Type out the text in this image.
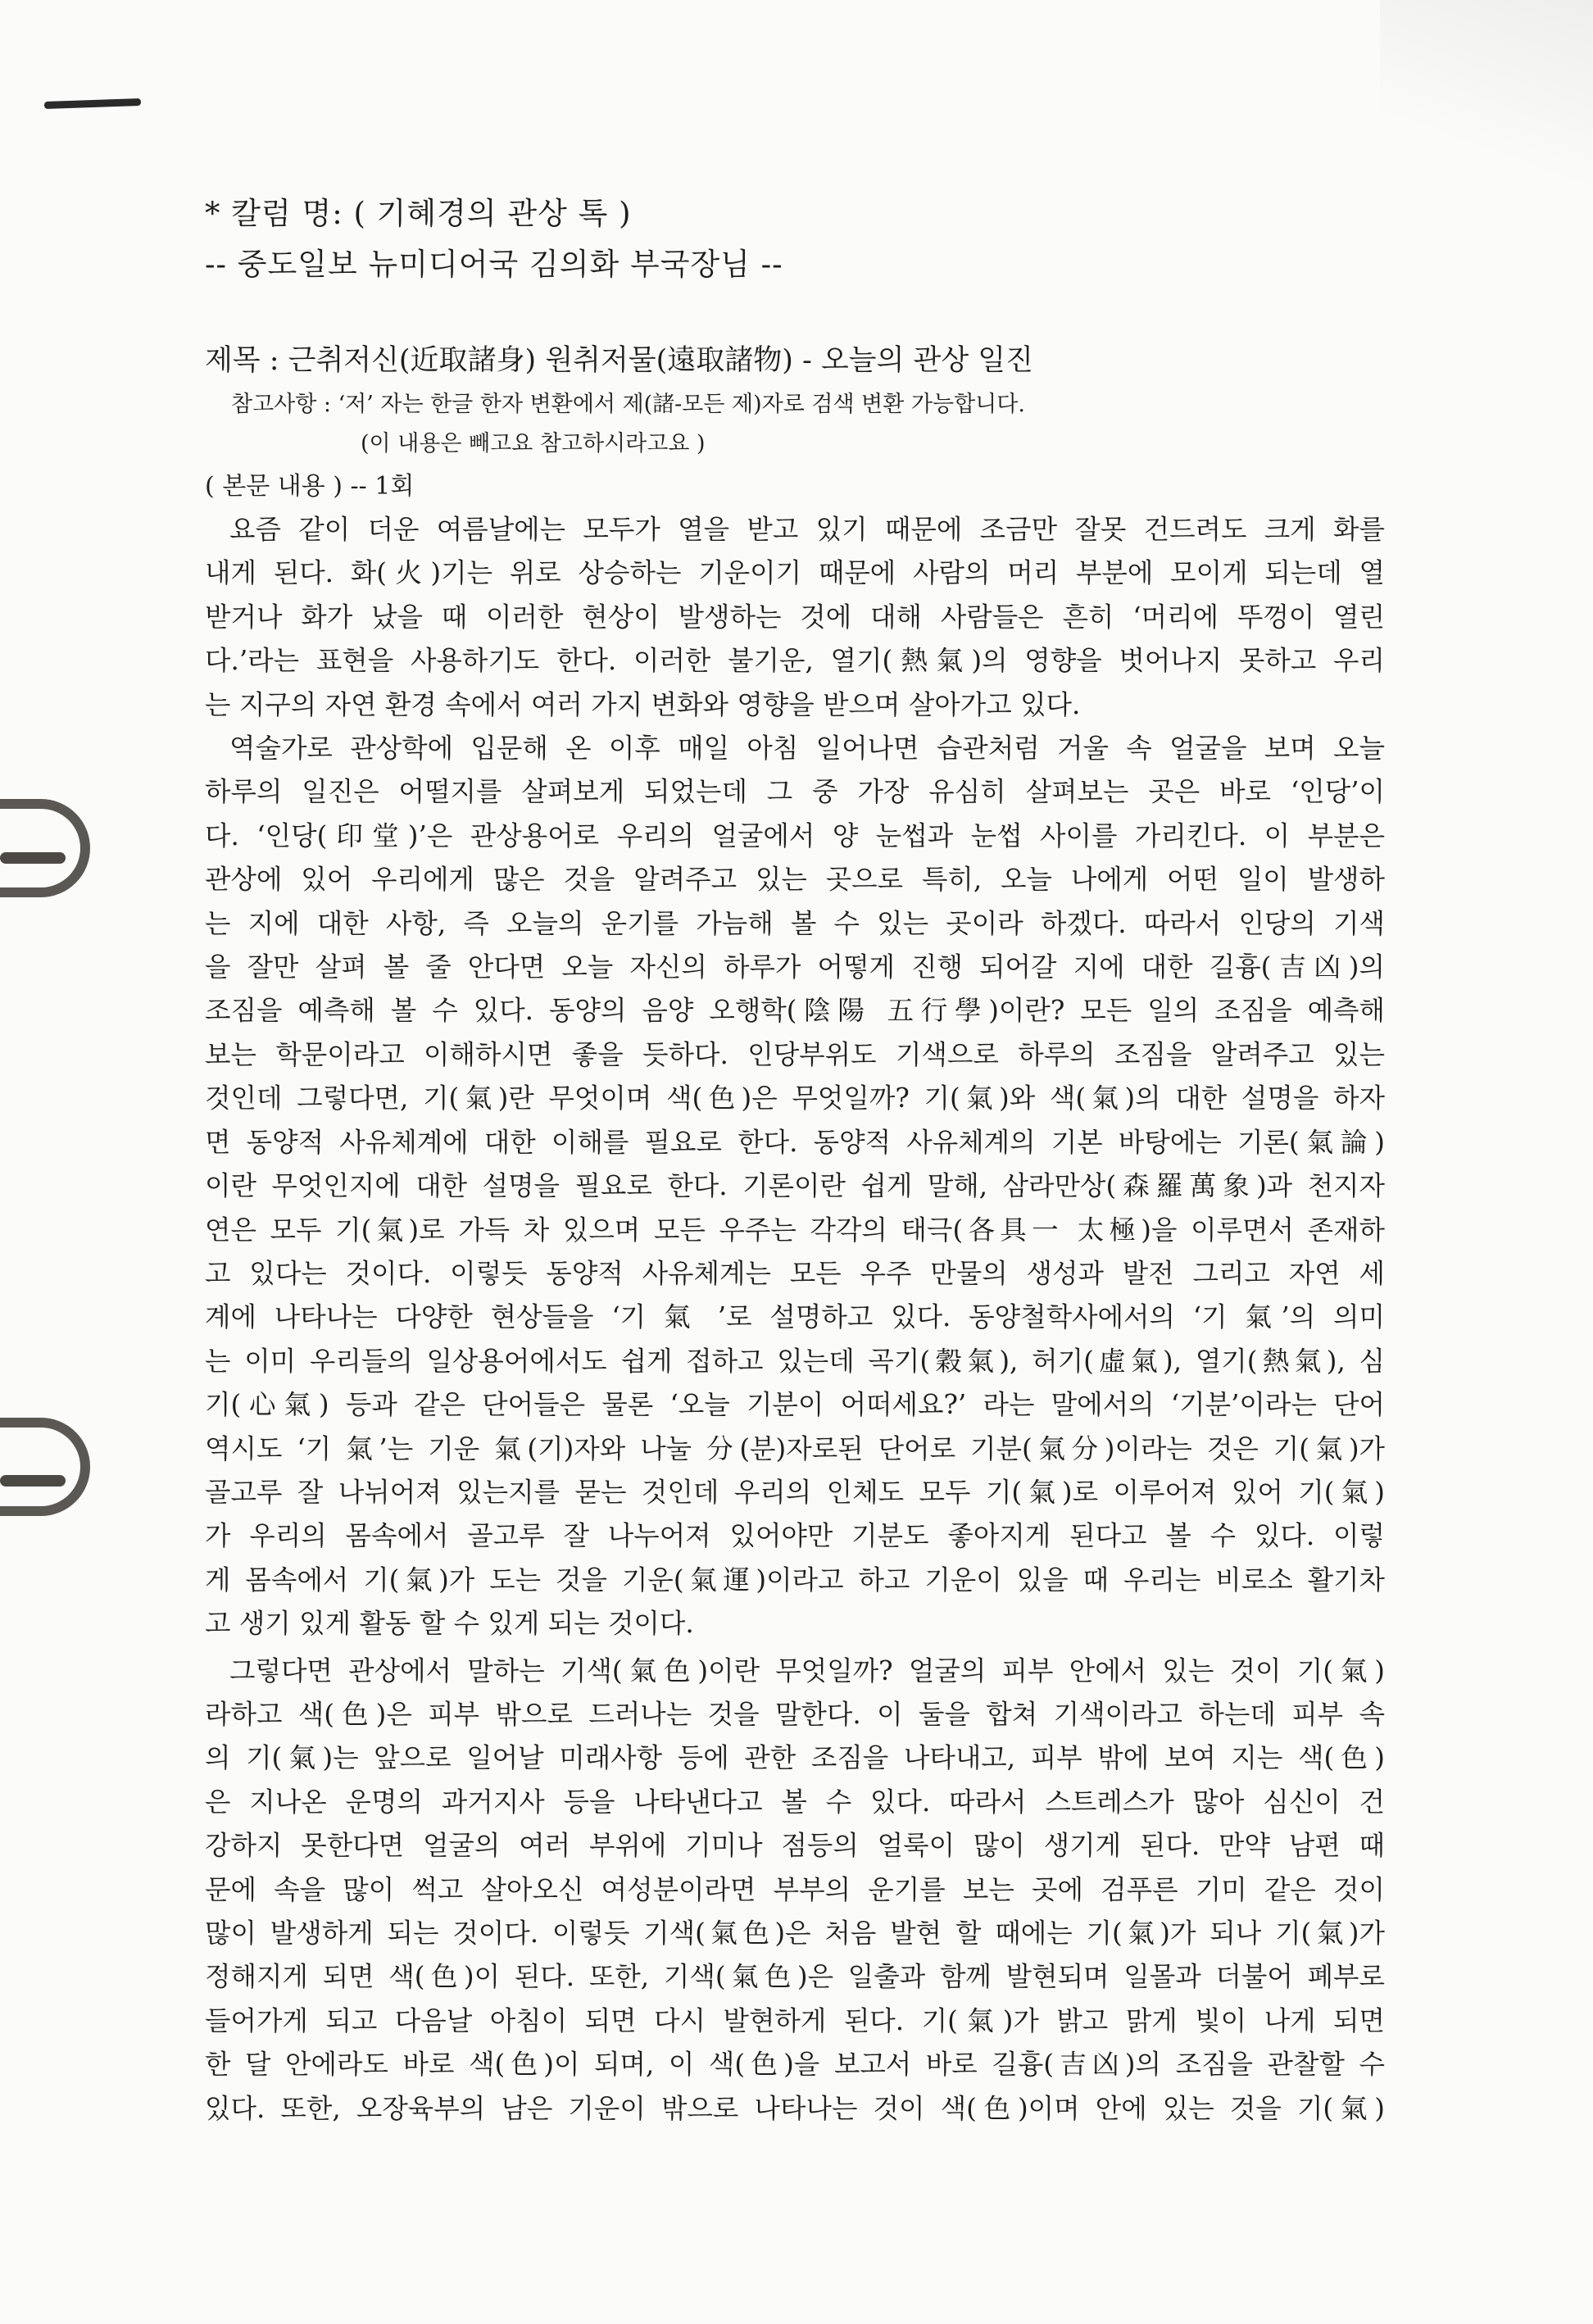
* 칼럼 명: ( 기혜경의 관상 톡 )

-- 중도일보 뉴미디어국 김의화 부국장님 --

제목 : 근취저신(近取諸身) 원취저물(遠取諸物) - 오늘의 관상 일진

참고사항 : ‘저’ 자는 한글 한자 변환에서 제(諸-모든 제)자로 검색 변환 가능합니다.

(이 내용은 빼고요 참고하시라고요 )

( 본문 내용 ) -- 1회

요즘 같이 더운 여름날에는 모두가 열을 받고 있기 때문에 조금만 잘못 건드려도 크게 화를
내게 된다. 화(火)기는 위로 상승하는 기운이기 때문에 사람의 머리 부분에 모이게 되는데 열
받거나 화가 났을 때 이러한 현상이 발생하는 것에 대해 사람들은 흔히 ‘머리에 뚜껑이 열린
다.’라는 표현을 사용하기도 한다. 이러한 불기운, 열기(熱氣)의 영향을 벗어나지 못하고 우리
는 지구의 자연 환경 속에서 여러 가지 변화와 영향을 받으며 살아가고 있다.
역술가로 관상학에 입문해 온 이후 매일 아침 일어나면 습관처럼 거울 속 얼굴을 보며 오늘
하루의 일진은 어떨지를 살펴보게 되었는데 그 중 가장 유심히 살펴보는 곳은 바로 ‘인당’이
다. ‘인당(印堂)’은 관상용어로 우리의 얼굴에서 양 눈썹과 눈썹 사이를 가리킨다. 이 부분은
관상에 있어 우리에게 많은 것을 알려주고 있는 곳으로 특히, 오늘 나에게 어떤 일이 발생하
는 지에 대한 사항, 즉 오늘의 운기를 가늠해 볼 수 있는 곳이라 하겠다. 따라서 인당의 기색
을 잘만 살펴 볼 줄 안다면 오늘 자신의 하루가 어떻게 진행 되어갈 지에 대한 길흉(吉凶)의
조짐을 예측해 볼 수 있다. 동양의 음양 오행학(陰陽 五行學)이란? 모든 일의 조짐을 예측해
보는 학문이라고 이해하시면 좋을 듯하다. 인당부위도 기색으로 하루의 조짐을 알려주고 있는
것인데 그렇다면, 기(氣)란 무엇이며 색(色)은 무엇일까? 기(氣)와 색(氣)의 대한 설명을 하자
면 동양적 사유체계에 대한 이해를 필요로 한다. 동양적 사유체계의 기본 바탕에는 기론(氣論)
이란 무엇인지에 대한 설명을 필요로 한다. 기론이란 쉽게 말해, 삼라만상(森羅萬象)과 천지자
연은 모두 기(氣)로 가득 차 있으며 모든 우주는 각각의 태극(各具一 太極)을 이루면서 존재하
고 있다는 것이다. 이렇듯 동양적 사유체계는 모든 우주 만물의 생성과 발전 그리고 자연 세
계에 나타나는 다양한 현상들을 ‘기 氣 ’로 설명하고 있다. 동양철학사에서의 ‘기 氣’의 의미
는 이미 우리들의 일상용어에서도 쉽게 접하고 있는데 곡기(穀氣), 허기(虛氣), 열기(熱氣), 심
기(心氣) 등과 같은 단어들은 물론 ‘오늘 기분이 어떠세요?’ 라는 말에서의 ‘기분’이라는 단어
역시도 ‘기 氣’는 기운 氣(기)자와 나눌 分(분)자로된 단어로 기분(氣分)이라는 것은 기(氣)가
골고루 잘 나뉘어져 있는지를 묻는 것인데 우리의 인체도 모두 기(氣)로 이루어져 있어 기(氣)
가 우리의 몸속에서 골고루 잘 나누어져 있어야만 기분도 좋아지게 된다고 볼 수 있다. 이렇
게 몸속에서 기(氣)가 도는 것을 기운(氣運)이라고 하고 기운이 있을 때 우리는 비로소 활기차
고 생기 있게 활동 할 수 있게 되는 것이다.
그렇다면 관상에서 말하는 기색(氣色)이란 무엇일까? 얼굴의 피부 안에서 있는 것이 기(氣)
라하고 색(色)은 피부 밖으로 드러나는 것을 말한다. 이 둘을 합쳐 기색이라고 하는데 피부 속
의 기(氣)는 앞으로 일어날 미래사항 등에 관한 조짐을 나타내고, 피부 밖에 보여 지는 색(色)
은 지나온 운명의 과거지사 등을 나타낸다고 볼 수 있다. 따라서 스트레스가 많아 심신이 건
강하지 못한다면 얼굴의 여러 부위에 기미나 점등의 얼룩이 많이 생기게 된다. 만약 남편 때
문에 속을 많이 썩고 살아오신 여성분이라면 부부의 운기를 보는 곳에 검푸른 기미 같은 것이
많이 발생하게 되는 것이다. 이렇듯 기색(氣色)은 처음 발현 할 때에는 기(氣)가 되나 기(氣)가
정해지게 되면 색(色)이 된다. 또한, 기색(氣色)은 일출과 함께 발현되며 일몰과 더불어 폐부로
들어가게 되고 다음날 아침이 되면 다시 발현하게 된다. 기(氣)가 밝고 맑게 빛이 나게 되면
한 달 안에라도 바로 색(色)이 되며, 이 색(色)을 보고서 바로 길흉(吉凶)의 조짐을 관찰할 수
있다. 또한, 오장육부의 남은 기운이 밖으로 나타나는 것이 색(色)이며 안에 있는 것을 기(氣)
